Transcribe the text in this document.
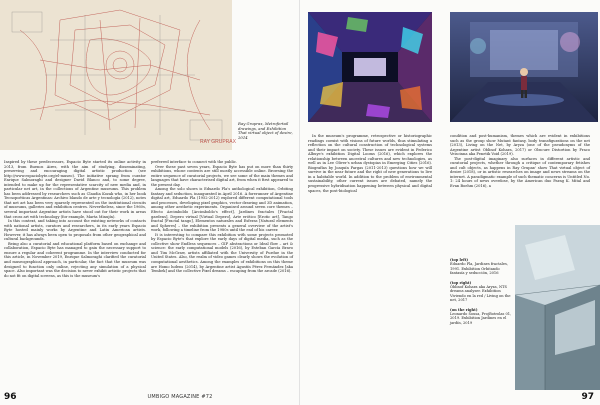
RAY GRUPRAX
Ray Gruprax, Metrofertail drawings, and Exhibition That virtual object of desire, 2014

Inspired by these predecessors, Espacio Byte started its online activity in 2013, from Buenos Aires, with the aim of studying, disseminating, preserving and encouraging digital artistic production (see http://www.espaciobyte.org/el-museo). The initiative sprang from curator Enrique Salmoraghi and designer David Blanco and, to some degree, intended to make up for the representative scarcity of new media and, in particular net art, in the collections of Argentine museums. This problem has been addressed by researchers such as Claudia Kozak who, in her book Tecnopoéticas Argentinas: Archivo blando de arte y tecnología (2012), notes that net art has been very sparsely represented on the institutional circuits of museums, galleries and exhibition centres. Nevertheless, since the 1960s, several important Argentine artists have stood out for their work in areas that cross art with technology (for example, Marta Minujín).

In this context, and taking into account the existing networks of contacts with national artists, curators and researchers, in its early years Espacio Byte hosted mainly works by Argentine and Latin American artists. However, it has always been open to proposals from other geographical and cultural backgrounds.

Being also a curatorial and educational platform based on exchange and collaboration, Espacio Byte has managed to gain the necessary support to ensure a regular and coherent programme. In the interview conducted for this article, in November 2019, Enrique Salmoraghi clarified the curatorial and museographical approach, in particular, the fact that the museum was designed to function only online, rejecting any simulation of a physical space. Also important was the decision to never exhibit artistic projects that do not fit on digital screens, as this is the museum's

preferred interface to connect with the public.

Over these past seven years, Espacio Byte has put on more than thirty exhibitions, whose contents are still mostly accessible online. Browsing the entire sequence of curatorial projects, we see some of the main themes and languages that have characterised digital art, from when it first appeared to the present day.

Among the solo shows is Eduardo Pla's anthological exhibition, Orbiting fantasy and seduction, inaugurated in April 2016. A forerunner of Argentine digital art, Eduardo Pla (1952-2012) explored different computational tools and processes, developing pixel graphics, vector drawing and 3D animation, among other aesthetic experiments. Organised around seven core themes – Efecto Arcimboldo [Arcimboldo's effect], Jardines fractales [Fractal gardens], Depero virtual [Virtual Depero], Arte erótico [Erotic art], Tango fractal [Fractal tango], Elementos naturales and Esferas [Natural elements and Spheres] – the exhibition presents a general overview of the artist's work, following a timeline from the 1980s until the end of his career.

It is interesting to compare this exhibition with some projects promoted by Espacio Byte's that explore the early days of digital media, such as the collective show Endless sequences – GIF abstractions or Ideal flow – art & science: the early computational models (2016), by Esteban García Bravo and Tim McGraw, artists affiliated with the University of Purdue in the United States. Also, the realm of video games clearly shows the evolution of computational aesthetics. Among the examples of exhibitions on this theme are Homo ludens (2014), by Argentine artist Agustín Pérez Fernández [aka Tembek] and the collective Pixel dreams – escaping from the arcade (2016).

96

In the museum's programme, retrospective or historiographic readings coexist with visions of future worlds, thus stimulating a reflection on the cultural construction of technological systems and their impact on society. These issues are evident in Federico Albuye's exhibition Digital Looms (2016), which explores the relationship between ancestral cultures and new technologies, as well as in Lee Oliver's urban dystopias in Emerging Cities (2016). Biografías by Joaquín Fargas (2011-2013) questions how we will survive in the near future and the right of new generations to live in a habitable world. In addition to the problem of environmental sustainability, other current issues are debated, namely the progressive hybridisation happening between physical and digital spaces, the post-biological

condition and post-humanism, themes which are evident in exhibitions such as the group show Mutant fantasy, body transfigurations on the net (2013), Living on the Net, by Aryza (one of the pseudonyms of the Argentine artist Oblinof Kohara, 2017) or Obscure Distortion by Fraco Veiscinna aka Fenetik Void (2019).

The post-digital imaginary also surfaces in different artistic and curatorial projects, whether through a critique of contemporary fetishes and cult objects, as happens in Ray Grupax' show That virtual object of desire (2018), or in artistic researches on image and news streams on the internet. A paradigmatic example of such thematic concerns is Untitled No. 1: 24 hours of news overdose, by the American duo Parag K. Mital and Evan Boehm (2016), a

(top left)
Eduardo Pla, Jardines fractales, 1991. Exhibition Orbitando fantasía y seducción, 2016
(top right)
Oblinof Kohara aka Aryza, NTS dreams analyser. Exhibition Viviendo en la red / Living on the net, 2017
(on the right)
Leonardo Sousa, ProjBotrolas 01, 2019. Exhibition Jardines en el jardín, 2019
97
UMBIGO MAGAZINE #72
